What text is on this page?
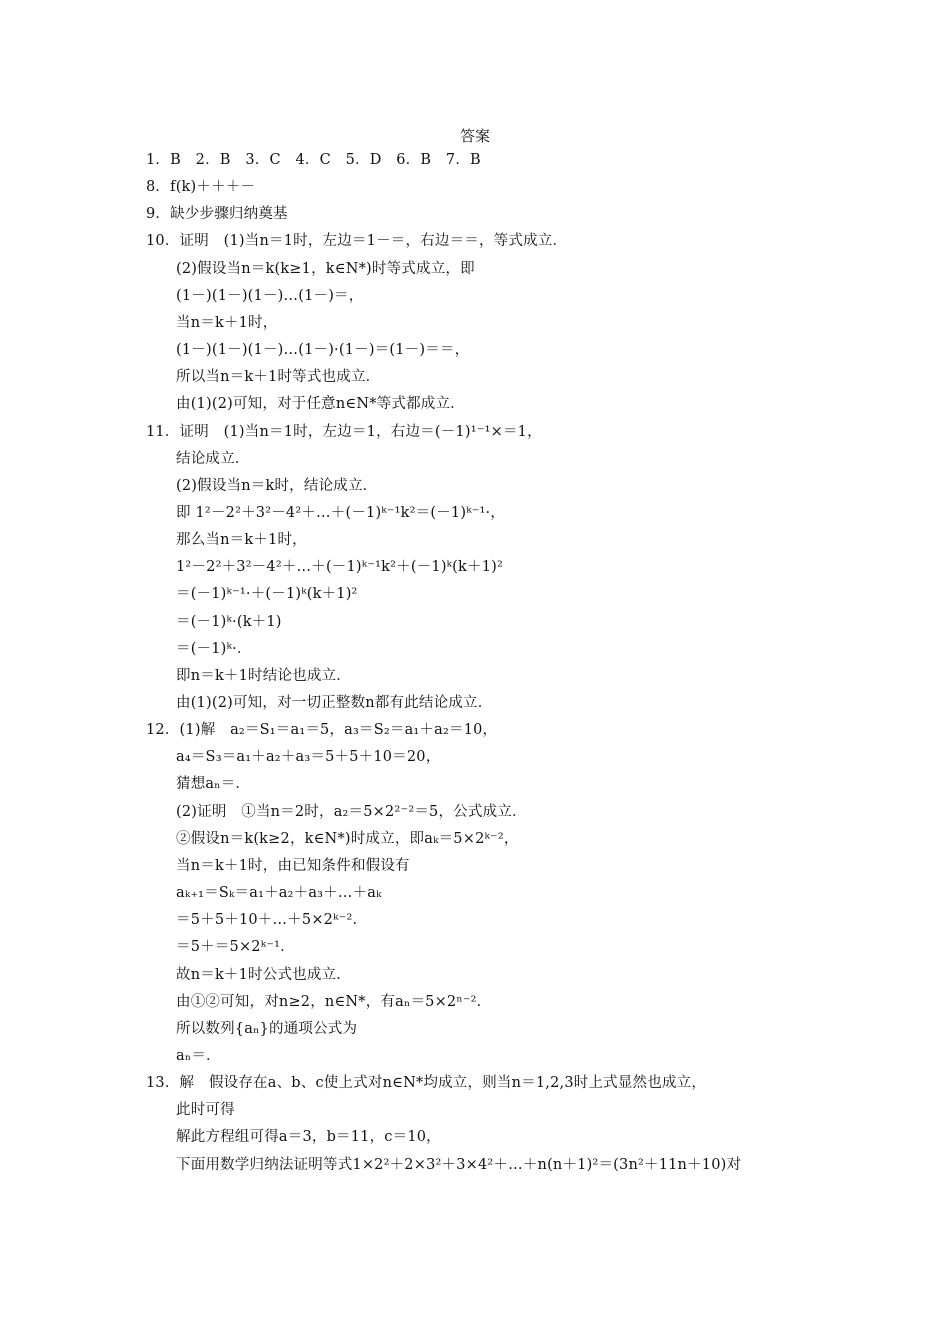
答案
1．B　2．B　3．C　4．C　5．D　6．B　7．B
8．f(k)＋＋＋－
9．缺少步骤归纳奠基
10．证明　(1)当n＝1时，左边＝1－＝，右边＝＝，等式成立．
(2)假设当n＝k(k≥1，k∈N*)时等式成立，即
(1－)(1－)(1－)…(1－)＝，
当n＝k＋1时，
(1－)(1－)(1－)…(1－)·(1－)＝(1－)＝＝，
所以当n＝k＋1时等式也成立．
由(1)(2)可知，对于任意n∈N*等式都成立．
11．证明　(1)当n＝1时，左边＝1，右边＝(－1)¹⁻¹×＝1，
结论成立．
(2)假设当n＝k时，结论成立．
即 1²－2²＋3²－4²＋…＋(－1)ᵏ⁻¹k²＝(－1)ᵏ⁻¹·，
那么当n＝k＋1时，
1²－2²＋3²－4²＋…＋(－1)ᵏ⁻¹k²＋(－1)ᵏ(k＋1)²
＝(－1)ᵏ⁻¹·＋(－1)ᵏ(k＋1)²
＝(－1)ᵏ·(k＋1)
＝(－1)ᵏ·．
即n＝k＋1时结论也成立．
由(1)(2)可知，对一切正整数n都有此结论成立．
12．(1)解　a₂＝S₁＝a₁＝5，a₃＝S₂＝a₁＋a₂＝10，
a₄＝S₃＝a₁＋a₂＋a₃＝5＋5＋10＝20，
猜想aₙ＝．
(2)证明　①当n＝2时，a₂＝5×2²⁻²＝5，公式成立．
②假设n＝k(k≥2，k∈N*)时成立，即aₖ＝5×2ᵏ⁻²，
当n＝k＋1时，由已知条件和假设有
aₖ₊₁＝Sₖ＝a₁＋a₂＋a₃＋…＋aₖ
＝5＋5＋10＋…＋5×2ᵏ⁻²．
＝5＋＝5×2ᵏ⁻¹．
故n＝k＋1时公式也成立．
由①②可知，对n≥2，n∈N*，有aₙ＝5×2ⁿ⁻²．
所以数列{aₙ}的通项公式为
aₙ＝．
13．解　假设存在a、b、c使上式对n∈N*均成立，则当n＝1,2,3时上式显然也成立，
此时可得
解此方程组可得a＝3，b＝11，c＝10，
下面用数学归纳法证明等式1×2²＋2×3²＋3×4²＋…＋n(n＋1)²＝(3n²＋11n＋10)对
